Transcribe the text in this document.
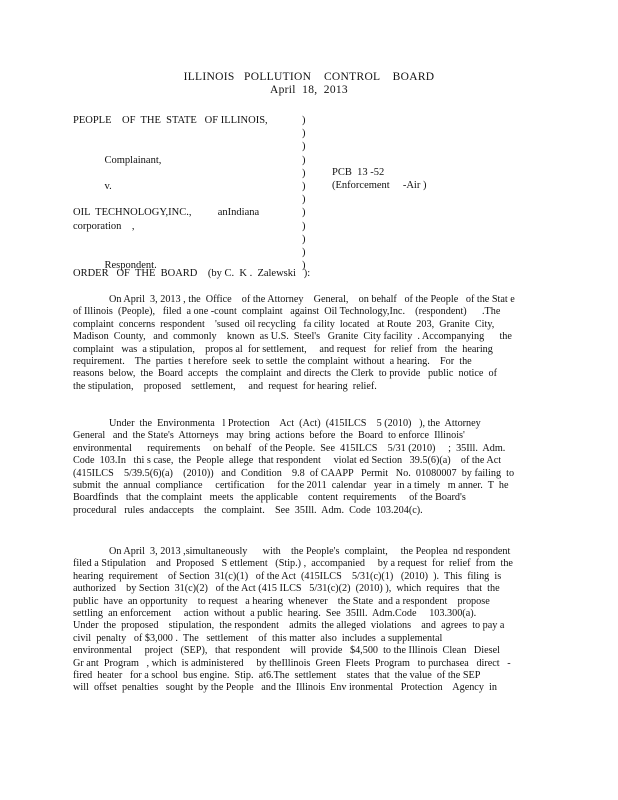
ILLINOIS   POLLUTION    CONTROL    BOARD
April  18,  2013
PEOPLE    OF  THE  STATE   OF ILLINOIS,
Complainant,
v.
OIL  TECHNOLOGY,INC.,          anIndiana
corporation    ,
Respondent.
)
)
)
)
)
)
)
)
)
)
)
)
PCB  13 -52
(Enforcement     -Air )
ORDER   OF  THE  BOARD    (by C.  K .  Zalewski   ):
On April  3, 2013 , the  Office    of the Attorney    General,    on behalf   of the People   of the Stat e
of Illinois  (People),   filed  a one -count  complaint   against  Oil Technology,Inc.    (respondent)      .The
complaint  concerns  respondent    'sused  oil recycling   fa cility  located   at Route  203,  Granite  City,
Madison  County,   and  commonly    known  as U.S.  Steel's   Granite  City facility  . Accompanying      the
complaint   was  a stipulation,    propos al  for settlement,     and request   for  relief  from   the  hearing
requirement.    The  parties  t herefore  seek  to settle  the complaint  without  a hearing.    For  the
reasons  below,  the  Board  accepts   the complaint  and directs  the Clerk  to provide   public  notice  of
the stipulation,    proposed    settlement,     and  request  for hearing  relief.
Under  the  Environmenta   l Protection    Act  (Act)  (415ILCS    5 (2010)   ), the  Attorney
General   and  the State's  Attorneys   may  bring  actions  before  the  Board  to enforce  Illinois'
environmental      requirements     on behalf   of the People.  See  415ILCS    5/31 (2010)     ;  35Ill.  Adm.
Code  103.In   thi s case,  the  People  allege  that respondent     violat ed Section   39.5(6)(a)    of the Act
(415ILCS    5/39.5(6)(a)    (2010))   and  Condition    9.8  of CAAPP   Permit   No.  01080007  by failing  to
submit  the  annual  compliance     certification     for the 2011  calendar   year  in a timely   m anner.  T  he
Boardfinds   that  the complaint   meets   the applicable    content  requirements     of the Board's
procedural   rules  andaccepts    the  complaint.    See  35Ill.  Adm.  Code  103.204(c).
On April  3, 2013 ,simultaneously      with    the People's  complaint,     the Peoplea  nd respondent
filed a Stipulation    and  Proposed   S ettlement   (Stip.) ,  accompanied     by a request  for  relief  from  the
hearing  requirement    of Section  31(c)(1)   of the Act  (415ILCS    5/31(c)(1)   (2010)  ).  This  filing  is
authorized    by Section  31(c)(2)   of the Act (415 ILCS   5/31(c)(2)  (2010) ),  which  requires   that  the
public  have  an opportunity    to request   a hearing  whenever    the State  and a respondent    propose
settling  an enforcement     action  without  a public  hearing.  See  35Ill.  Adm.Code     103.300(a).
Under  the  proposed    stipulation,  the respondent    admits  the alleged  violations    and  agrees  to pay a
civil  penalty   of $3,000 .  The   settlement    of  this matter  also  includes  a supplemental
environmental     project   (SEP),   that  respondent    will  provide   $4,500  to the Illinois  Clean   Diesel
Gr ant  Program   , which  is administered     by theIllinois  Green  Fleets  Program   to purchasea   direct   -
fired  heater   for a school  bus engine.  Stip.  at6.The  settlement    states  that  the value  of the SEP
will  offset  penalties   sought  by the People   and the  Illinois  Env ironmental   Protection    Agency  in
